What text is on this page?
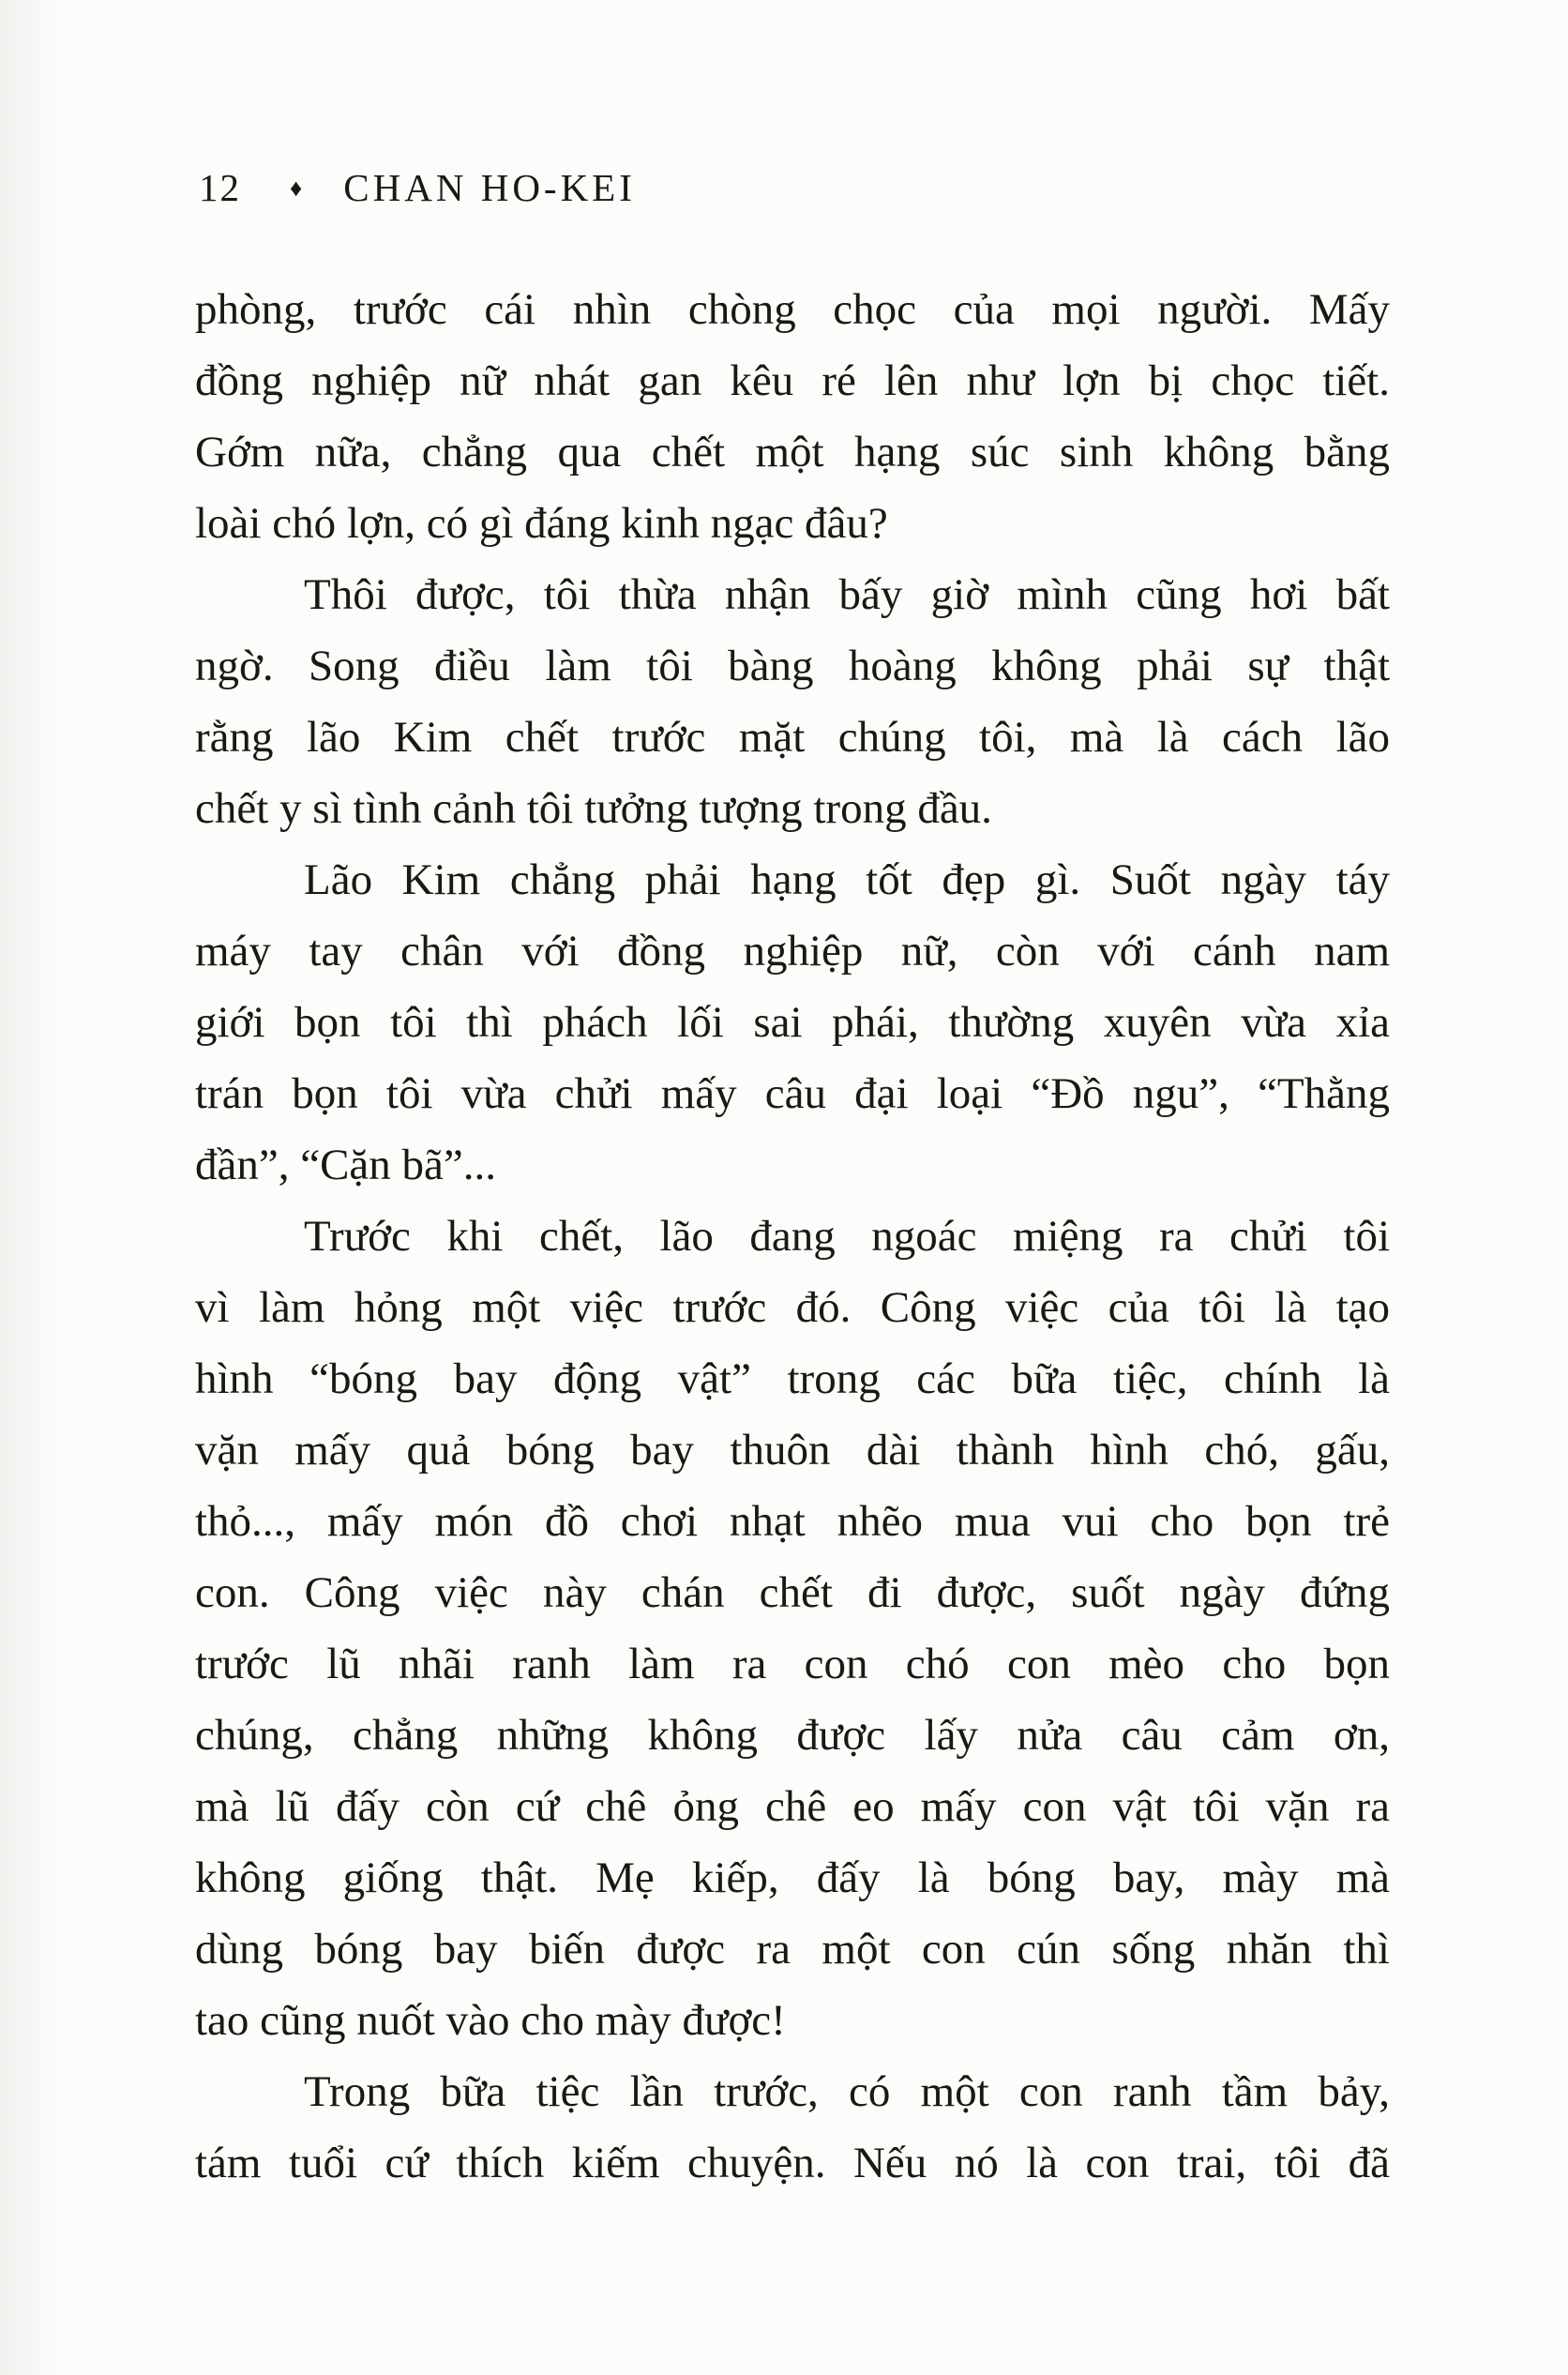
12 ♦ CHAN HO-KEI
phòng, trước cái nhìn chòng chọc của mọi người. Mấy
đồng nghiệp nữ nhát gan kêu ré lên như lợn bị chọc tiết.
Gớm nữa, chẳng qua chết một hạng súc sinh không bằng
loài chó lợn, có gì đáng kinh ngạc đâu?
Thôi được, tôi thừa nhận bấy giờ mình cũng hơi bất
ngờ. Song điều làm tôi bàng hoàng không phải sự thật
rằng lão Kim chết trước mặt chúng tôi, mà là cách lão
chết y sì tình cảnh tôi tưởng tượng trong đầu.
Lão Kim chẳng phải hạng tốt đẹp gì. Suốt ngày táy
máy tay chân với đồng nghiệp nữ, còn với cánh nam
giới bọn tôi thì phách lối sai phái, thường xuyên vừa xỉa
trán bọn tôi vừa chửi mấy câu đại loại “Đồ ngu”, “Thằng
đần”, “Cặn bã”...
Trước khi chết, lão đang ngoác miệng ra chửi tôi
vì làm hỏng một việc trước đó. Công việc của tôi là tạo
hình “bóng bay động vật” trong các bữa tiệc, chính là
vặn mấy quả bóng bay thuôn dài thành hình chó, gấu,
thỏ..., mấy món đồ chơi nhạt nhẽo mua vui cho bọn trẻ
con. Công việc này chán chết đi được, suốt ngày đứng
trước lũ nhãi ranh làm ra con chó con mèo cho bọn
chúng, chẳng những không được lấy nửa câu cảm ơn,
mà lũ đấy còn cứ chê ỏng chê eo mấy con vật tôi vặn ra
không giống thật. Mẹ kiếp, đấy là bóng bay, mày mà
dùng bóng bay biến được ra một con cún sống nhăn thì
tao cũng nuốt vào cho mày được!
Trong bữa tiệc lần trước, có một con ranh tầm bảy,
tám tuổi cứ thích kiếm chuyện. Nếu nó là con trai, tôi đã
